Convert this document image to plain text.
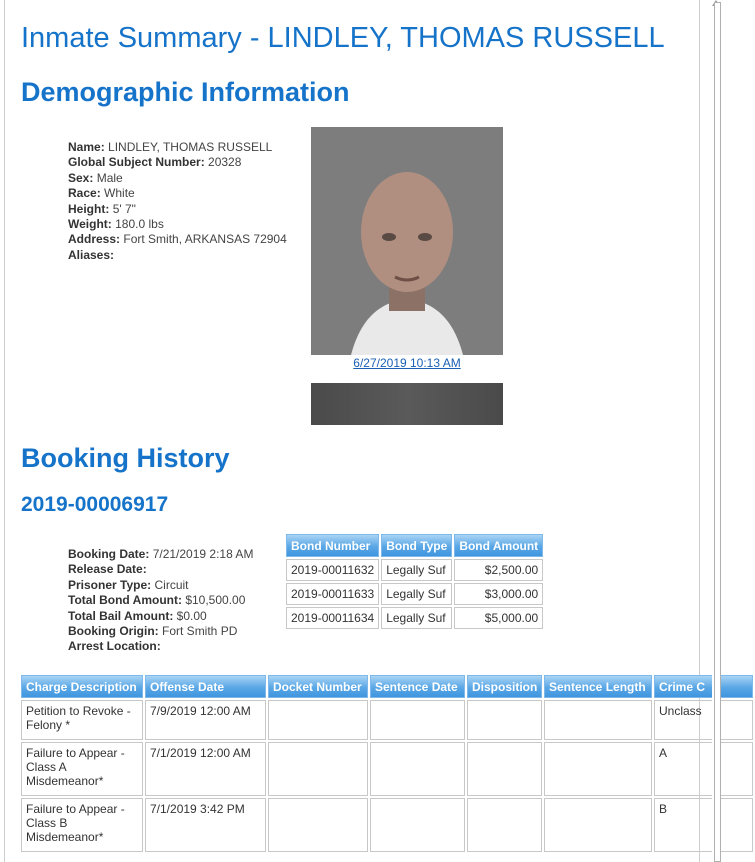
Inmate Summary - LINDLEY, THOMAS RUSSELL
Demographic Information
Name: LINDLEY, THOMAS RUSSELL
Global Subject Number: 20328
Sex: Male
Race: White
Height: 5' 7"
Weight: 180.0 lbs
Address: Fort Smith, ARKANSAS 72904
Aliases:
6/27/2019 10:13 AM
Booking History
2019-00006917
Booking Date: 7/21/2019 2:18 AM
Release Date:
Prisoner Type: Circuit
Total Bond Amount: $10,500.00
Total Bail Amount: $0.00
Booking Origin: Fort Smith PD
Arrest Location:
Bond Number	Bond Type	Bond Amount
2019-00011632	Legally Suf	$2,500.00
2019-00011633	Legally Suf	$3,000.00
2019-00011634	Legally Suf	$5,000.00
Charge Description	Offense Date	Docket Number	Sentence Date	Disposition	Sentence Length	Crime C
Petition to Revoke - Felony *	7/9/2019 12:00 AM					Unclass
Failure to Appear - Class A Misdemeanor*	7/1/2019 12:00 AM					A
Failure to Appear - Class B Misdemeanor*	7/1/2019 3:42 PM					B
